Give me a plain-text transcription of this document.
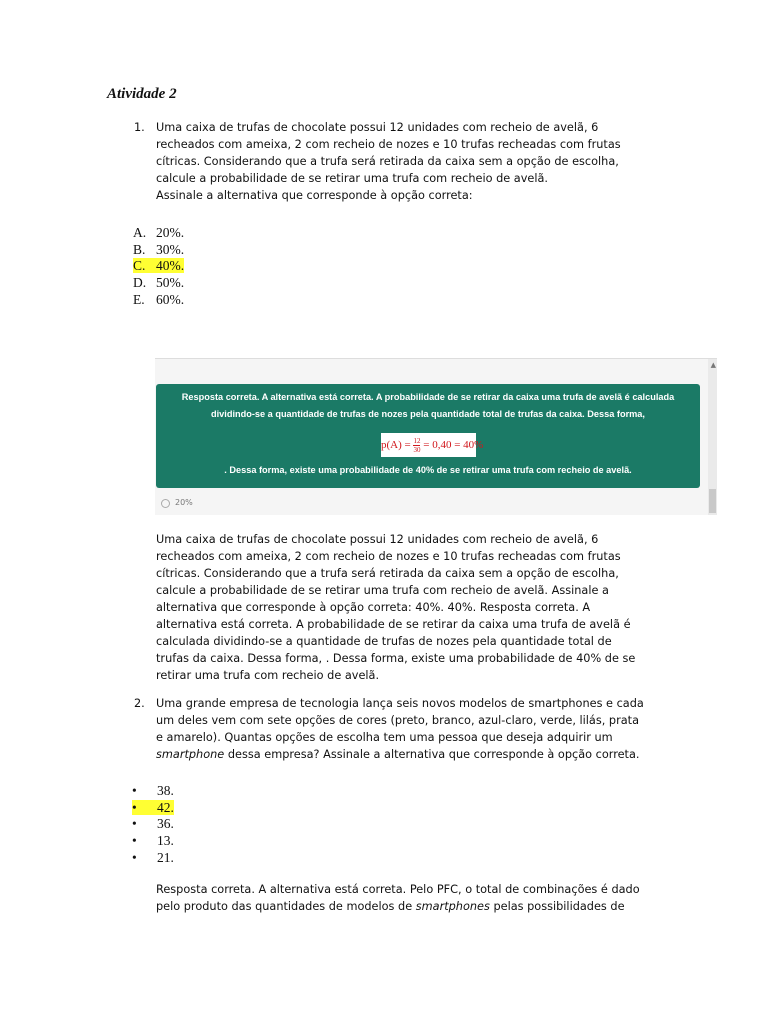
Atividade 2
1. Uma caixa de trufas de chocolate possui 12 unidades com recheio de avelã, 6 recheados com ameixa, 2 com recheio de nozes e 10 trufas recheadas com frutas cítricas. Considerando que a trufa será retirada da caixa sem a opção de escolha, calcule a probabilidade de se retirar uma trufa com recheio de avelã.
Assinale a alternativa que corresponde à opção correta:
A. 20%.
B. 30%.
C. 40%.
D. 50%.
E. 60%.
▲
Resposta correta. A alternativa está correta. A probabilidade de se retirar da caixa uma trufa de avelã é calculada dividindo-se a quantidade de trufas de nozes pela quantidade total de trufas da caixa. Dessa forma,
$p(A) = \frac{12}{30} = 0,40 = 40\%$
. Dessa forma, existe uma probabilidade de 40% de se retirar uma trufa com recheio de avelã.
20%
Uma caixa de trufas de chocolate possui 12 unidades com recheio de avelã, 6 recheados com ameixa, 2 com recheio de nozes e 10 trufas recheadas com frutas cítricas. Considerando que a trufa será retirada da caixa sem a opção de escolha, calcule a probabilidade de se retirar uma trufa com recheio de avelã. Assinale a alternativa que corresponde à opção correta: 40%. 40%. Resposta correta. A alternativa está correta. A probabilidade de se retirar da caixa uma trufa de avelã é calculada dividindo-se a quantidade de trufas de nozes pela quantidade total de trufas da caixa. Dessa forma, . Dessa forma, existe uma probabilidade de 40% de se retirar uma trufa com recheio de avelã.
2. Uma grande empresa de tecnologia lança seis novos modelos de smartphones e cada um deles vem com sete opções de cores (preto, branco, azul-claro, verde, lilás, prata e amarelo). Quantas opções de escolha tem uma pessoa que deseja adquirir um smartphone dessa empresa? Assinale a alternativa que corresponde à opção correta.
• 38.
• 42.
• 36.
• 13.
• 21.
Resposta correta. A alternativa está correta. Pelo PFC, o total de combinações é dado pelo produto das quantidades de modelos de smartphones pelas possibilidades de
